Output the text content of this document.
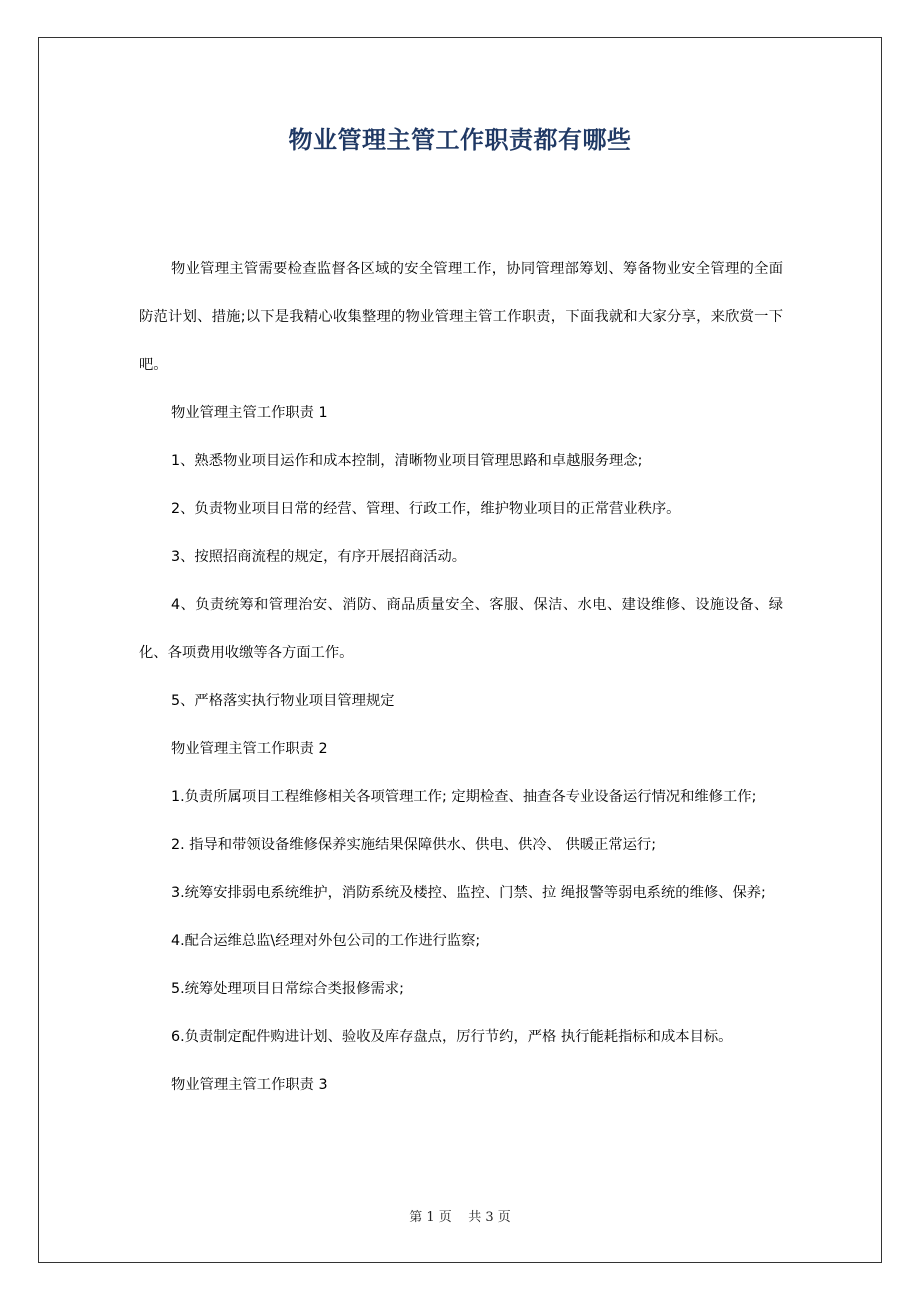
物业管理主管工作职责都有哪些

物业管理主管需要检查监督各区域的安全管理工作，协同管理部筹划、筹备物业安全管理的全面防范计划、措施;以下是我精心收集整理的物业管理主管工作职责，下面我就和大家分享，来欣赏一下吧。

物业管理主管工作职责 1

1、熟悉物业项目运作和成本控制，清晰物业项目管理思路和卓越服务理念;

2、负责物业项目日常的经营、管理、行政工作，维护物业项目的正常营业秩序。

3、按照招商流程的规定，有序开展招商活动。

4、负责统筹和管理治安、消防、商品质量安全、客服、保洁、水电、建设维修、设施设备、绿化、各项费用收缴等各方面工作。

5、严格落实执行物业项目管理规定

物业管理主管工作职责 2

1.负责所属项目工程维修相关各项管理工作; 定期检查、抽查各专业设备运行情况和维修工作;

2. 指导和带领设备维修保养实施结果保障供水、供电、供冷、 供暖正常运行;

3.统筹安排弱电系统维护，消防系统及楼控、监控、门禁、拉 绳报警等弱电系统的维修、保养;

4.配合运维总监\经理对外包公司的工作进行监察;

5.统筹处理项目日常综合类报修需求;

6.负责制定配件购进计划、验收及库存盘点，厉行节约，严格 执行能耗指标和成本目标。

物业管理主管工作职责 3

第 1 页    共 3 页
